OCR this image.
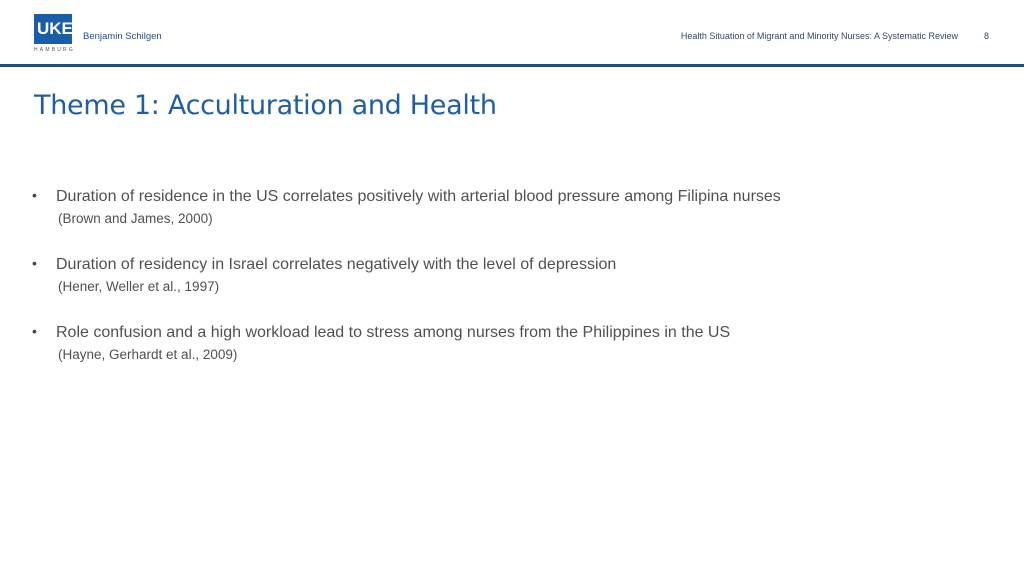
UKE
HAMBURG
Benjamin Schilgen	Health Situation of Migrant and Minority Nurses: A Systematic Review	8
Theme 1: Acculturation and Health
• Duration of residence in the US correlates positively with arterial blood pressure among Filipina nurses
(Brown and James, 2000)
• Duration of residency in Israel correlates negatively with the level of depression
(Hener, Weller et al., 1997)
• Role confusion and a high workload lead to stress among nurses from the Philippines in the US
(Hayne, Gerhardt et al., 2009)
